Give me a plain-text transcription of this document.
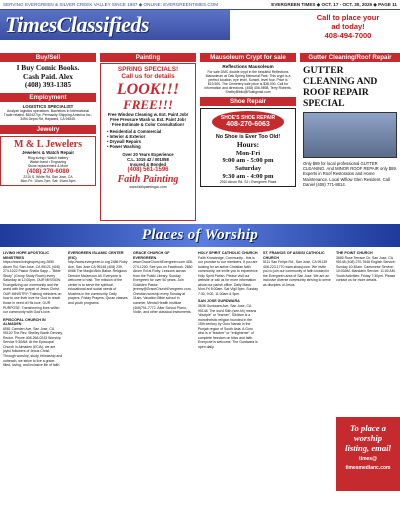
SERVING EVERGREEN & SILVER CREEK VALLEY SINCE 1987 ◆ ONLINE: EVERGREENTIMES.COM	EVERGREEN TIMES ◆ OCT. 17 - OCT. 30, 2025 ◆ PAGE 11
TimesClassifieds	Call to place your
ad today!
408-494-7000
Buy/Sell
I Buy Comic Books.
Cash Paid. Alex
(408) 393-1385
Employment
LOGISTICS SPECIALIST
Analyze logistics operations. Bachelors in International Trade related. $62427/yr. Permacity Shipping America Inc., 3494 Depot Rd, Hayward, CA 94545.
Jewelry
M & L Jewelers
Jewelers & Watch Repair
Ring sizing • Watch battery
Watch band • Engraving
Stone replacement & More
(408) 270-6080
2210 S. White Rd. San Jose, CA
Mon-Fri: 10am-7pm, Sat: 10am-5pm
Painting
SPRING SPECIALS!
Call us for details
LOOK!!!
FREE!!!
Free Window Cleaning w. Ext. Paint Job!
Free Pressure Wash w. Ext. Paint Job!
Free Estimate & Color Consultation!
• Residential & Commercial
• Interior & Exterior
• Drywall Repairs
• Power Washing
Over 20 Years Experience
C.L. 1015 42 / 001058
Insured & Bonded
(408) 561-1596
Faith Painting
www.faithpaintingco.com
Mausoleum Crypt for sale
Reflections Mausoleum
For sale DMC double crypt in the beautiful Reflections Mausoleum at Oak Spring Memorial Park. This crypt is a perfect location, eye level, Sunset, level four. Price is $19,500. The Cemetery sale price is $38,000. Call for information and directions. (408) 406-9898, Terry Roberts, ShelbyBiblic@Rustigmail.com
Shoe Repair
SHOE'S SHOE REPAIR
408-270-6063
No Shoe is Ever Too Old!
Hours:
Mon-Fri
9:00 am - 5:00 pm
Saturday
9:30 am - 4:00 pm
2910 Aborn Rd. SJ • Evergreen Plaza
Gutter Cleaning/Roof Repair
GUTTER CLEANING AND ROOF REPAIR SPECIAL
Only $89 for local professional GUTTER CLEANING. And MINOR ROOF REPAIR only $89. Experts in Roof Restoration and Home Maintenance. Local Willow Glen Resident. Call Daniel (408) 771-8814.
Places of Worship
LIVING HOPE APOSTOLIC MINISTRIES
https://www.livinghopesj.org 2650 Aborn Rd, San Jose, CA 95121 (408) 274-1022 Pastor Sheila Sapp – "Bible Study" (Group Study Room) every Saturday at 12:00pm. OUR MISSION: Evangelizing our community and the world with the gospel of Jesus Christ. OUR MINISTRY: Training ministers on how to use their love for God to reach those in need of His love. OUR PURPOSE: Transforming lives within our community with God's love.
EPISCOPAL CHURCH IN ALMADEN
6581 Camden Ave. San Jose, CA 95120 The Rev. Shelley Booth Denney, Rector. Phone 408-268-0243 Worship Service 9:30AM. At the Episcopal Church in Almaden (ECiA), we are joyful followers of Jesus Christ. Through worship, study, fellowship and outreach, we strive to live a grace-filled, loving, and inclusive life of faith.
EVERGREEN ISLAMIC CENTER (EIC)
http://www.evergreen-ic.org 2486 Ruby Ave, San Jose CA 95148 (408) 239-6988 The Masjid Ablu Bakar. Religious Director Ma'amoon Ali. Everyone is welcome to visit. The mission of the center is to serve the spiritual, educational and social needs of Muslims in the community. Daily prayers, Friday Prayers, Quran classes and youth programs.
GRACE CHURCH OF EVERGREEN
www.GraceChurchEvergreen.com 408-274-1200. See you on Facebook. 2650 Aborn Rd at Ruby. Lessons across from the Public Library. Sunday Evergreen for over 50 years. Join Goldsten Pastor. jeremy@GraceChurchEvergreen.com. Christian worship every Sunday at 11am. Vacation Bible school in summer, Mental Health Institute (408)791-7772. After School Piano, Violin, and other classical instruments.
HOLY SPIRIT CATHOLIC CHURCH
Faith Knowledge, Community - this is our promise to our members. If you are looking for an active Christian faith community, we invite you to experience Holy Spirit Parish. Please visit our website or call us for more information about our parish office. Daily Mass Mon-Fri 8:00am. Sat Vigil 5pm. Sunday 7:30, 9:00, 11:00am & 5pm.
SAN JOSE GURDWARA
3636 Gurdwara Ave. San Jose, CA 95148. The word Sikh (see-kh) means "disciple" or "learner". Sikhism is a monotheistic religion founded in the 15th century by Guru Nanak in the Punjab region of South Asia. A Guru who is a "teacher" or "enlightener" of complete freedom on bliss and faith. Everyone is welcome. The Gurdwara is open daily.
ST. FRANCIS OF ASSISI CATHOLIC CHURCH
5111 San Felipe Rd., San Jose, CA 95135 408-223-1770 www.sfoasj.com. We invite you to join our community of faith located in the Evergreen area of San Jose. We are an inclusive diverse community striving to serve as disciples of Jesus.
THE POINT CHURCH
3680 Rose Terrace Cir, San Jose, CA 95148 (408) 270-7646 English Service: Sunday 10:30am. Cantonese Service: 10:00AM. Mandarin Service: 11:00 AM. Youth Activities: Friday 7:30pm. Please contact us for more details.
To place a worship
listing, email
times@
timesmedianc.com
